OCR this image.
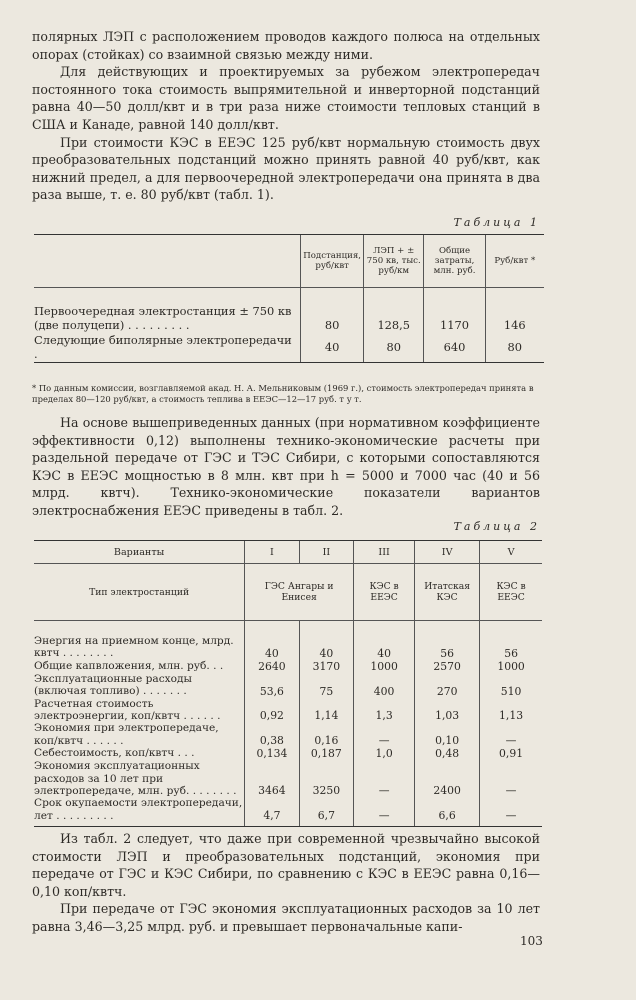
полярных ЛЭП с расположением проводов каждого полюса на отдельных опорах (стойках) со взаимной связью между ними.

Для действующих и проектируемых за рубежом электропередач постоянного тока стоимость выпрямительной и инверторной подстанций равна 40—50 долл/квт и в три раза ниже стоимости тепловых станций в США и Канаде, равной 140 долл/квт.

При стоимости КЭС в ЕЕЭС 125 руб/квт нормальную стоимость двух преобразовательных подстанций можно принять равной 40 руб/квт, как нижний предел, а для первоочередной электропередачи она принята в два раза выше, т. е. 80 руб/квт (табл. 1).

Таблица 1
	Подстанция, руб/квт	ЛЭП + ± 750 кв, тыс. руб/км	Общие затраты, млн. руб.	Руб/квт *
Первоочередная электростанция ± 750 кв (две полуцепи) . . . . . . . . .	80	128,5	1170	146
Следующие биполярные электропередачи .	40	80	640	80
* По данным комиссии, возглавляемой акад. Н. А. Мельниковым (1969 г.), стоимость электропередач принята в пределах 80—120 руб/квт, а стоимость теплива в ЕЕЭС—12—17 руб. т у т.

На основе вышеприведенных данных (при нормативном коэффициенте эффективности 0,12) выполнены технико-экономические расчеты при раздельной передаче от ГЭС и ТЭС Сибири, с которыми сопоставляются КЭС в ЕЕЭС мощностью в 8 млн. квт при h = 5000 и 7000 час (40 и 56 млрд. квтч). Технико-экономические показатели вариантов электроснабжения ЕЕЭС приведены в табл. 2.

Таблица 2
Варианты	I	II	III	IV	V
Тип электростанций	ГЭС Ангары и Енисея		КЭС в ЕЕЭС	Итатская КЭС	КЭС в ЕЕЭС

Энергия на приемном конце, млрд. квтч . . . . . . . .	40	40	40	56	56
Общие капвложения, млн. руб. . .	2640	3170	1000	2570	1000
Эксплуатационные расходы (включая топливо) . . . . . . .	53,6	75	400	270	510
Расчетная стоимость электроэнергии, коп/квтч . . . . . .	0,92	1,14	1,3	1,03	1,13
Экономия при электропередаче, коп/квтч . . . . . .	0,38	0,16	—	0,10	—
Себестоимость, коп/квтч . . .	0,134	0,187	1,0	0,48	0,91
Экономия эксплуатационных расходов за 10 лет при электропередаче, млн. руб. . . . . . . .	3464	3250	—	2400	—
Срок окупаемости электропередачи, лет . . . . . . . . .	4,7	6,7	—	6,6	—

Из табл. 2 следует, что даже при современной чрезвычайно высокой стоимости ЛЭП и преобразовательных подстанций, экономия при передаче от ГЭС и КЭС Сибири, по сравнению с КЭС в ЕЕЭС равна 0,16—0,10 коп/квтч.

При передаче от ГЭС экономия эксплуатационных расходов за 10 лет равна 3,46—3,25 млрд. руб. и превышает первоначальные капи-

103
